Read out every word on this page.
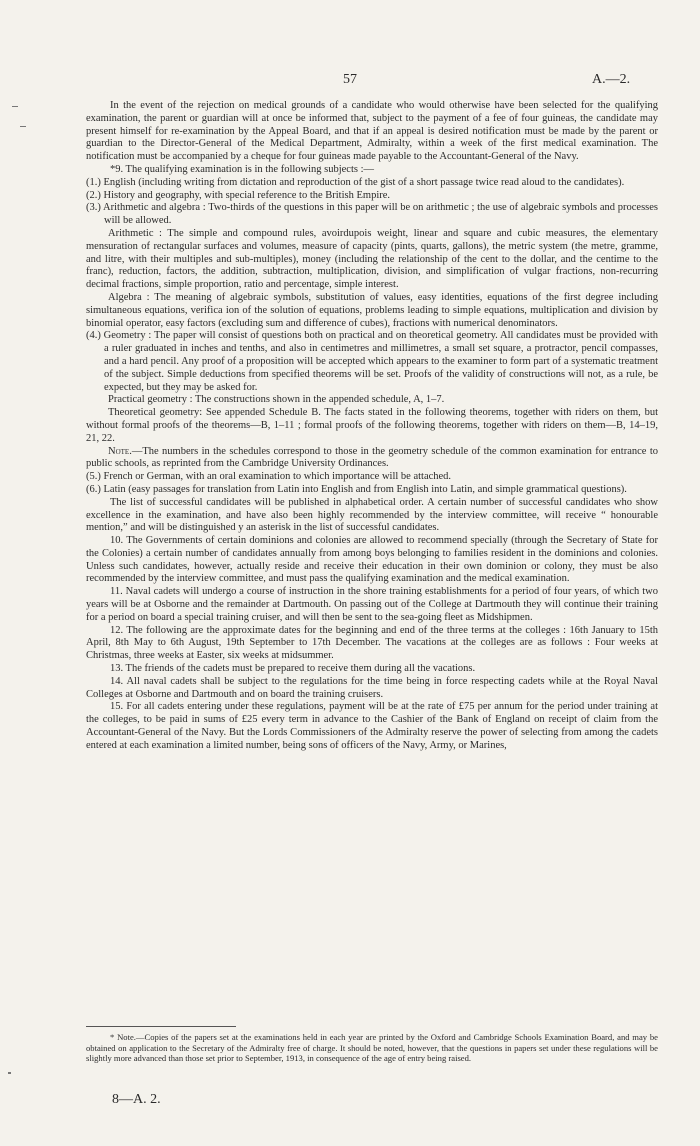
57	A.—2.

In the event of the rejection on medical grounds of a candidate who would otherwise have been selected for the qualifying examination, the parent or guardian will at once be informed that, subject to the payment of a fee of four guineas, the candidate may present himself for re-examination by the Appeal Board, and that if an appeal is desired notification must be made by the parent or guardian to the Director-General of the Medical Department, Admiralty, within a week of the first medical examination. The notification must be accompanied by a cheque for four guineas made payable to the Accountant-General of the Navy.

*9. The qualifying examination is in the following subjects :—

(1.) English (including writing from dictation and reproduction of the gist of a short passage twice read aloud to the candidates).

(2.) History and geography, with special reference to the British Empire.

(3.) Arithmetic and algebra : Two-thirds of the questions in this paper will be on arithmetic ; the use of algebraic symbols and processes will be allowed.

Arithmetic : The simple and compound rules, avoirdupois weight, linear and square and cubic measures, the elementary mensuration of rectangular surfaces and volumes, measure of capacity (pints, quarts, gallons), the metric system (the metre, gramme, and litre, with their multiples and sub-multiples), money (including the relationship of the cent to the dollar, and the centime to the franc), reduction, factors, the addition, subtraction, multiplication, division, and simplification of vulgar fractions, non-recurring decimal fractions, simple proportion, ratio and percentage, simple interest.

Algebra : The meaning of algebraic symbols, substitution of values, easy identities, equations of the first degree including simultaneous equations, verifica ion of the solution of equations, problems leading to simple equations, multiplication and division by binomial operator, easy factors (excluding sum and difference of cub⁠es), fractions with numerical denominators.

(4.) Geometry : The paper will consist of questions both on practical and on theoretical geometry. All candidates must be provided with a ruler graduated in inches and tenths, and also in centimetres and millimetres, a small set square, a protractor, pencil compasses, and a hard pencil. Any proof of a proposition will be accepted which appears to the examiner to form part of a systematic treatment of the subject. Simple deductions from specified theorems will be set. Proofs of the validity of constructions will not, as a rule, be expected, but they may be asked for.

Practical geometry : The constructions shown in the appended schedule, A, 1–7.

Theoretical geometry: See appended Schedule B. The facts stated in the following theorems, together with riders on them, but without formal proofs of the theorems—B, 1–11 ; formal proofs of the following theorems, together with riders on them—B, 14–19, 21, 22.

Note.—The numbers in the schedules correspond to those in the geometry schedule of the common examination for entrance to public schools, as reprinted from the Cambridge University Ordinances.

(5.) French or German, with an oral examination to which importance will be attached.

(6.) Latin (easy passages for translation from Latin into English and from English into Latin, and simple grammatical questions).

The list of successful candidates will be published in alphabetical order. A certain number of successful candidates who show excellence in the examination, and have also been highly recommended by the interview committee, will receive “ honourable mention,” and will be distinguished y an asterisk in the list of successful candidates.

10. The Governments of certain dominions and colonies are allowed to recommend specially (through the Secretary of State for the Colonies) a certain number of candidates annually from among boys belonging to families resident in the dominions and colonies. Unless such candidates, however, actually reside and receive their education in their own dominion or colony, they must be also recommended by the interview committee, and must pass the qualifying examination and the medical examination.

11. Naval cadets will undergo a course of instruction in the shore training establishments for a period of four years, of which two years will be at Osborne and the remainder at Dartmouth. On passing out of the College at Dartmouth they will continue their training for a period on board a special training cruiser, and will then be sent to the sea-going fleet as Midshipmen.

12. The following are the approximate dates for the beginning and end of the three terms at the colleges : 16th January to 15th April, 8th May to 6th August, 19th September to 17th December. The vacations at the colleges are as follows : Four weeks at Christmas, three weeks at Easter, six weeks at midsummer.

13. The friends of the cadets must be prepared to receive them during all the vacations.

14. All naval cadets shall be subject to the regulations for the time being in force respecting cadets while at the Royal Naval Colleges at Osborne and Dartmouth and on board the training cruisers.

15. For all cadets entering under these regulations, payment will be at the rate of £75 per annum for the period under training at the colleges, to be paid in sums of £25 every term in advance to the Cashier of the Bank of England on receipt of claim from the Accountant-General of the Navy. But the Lords Commissioners of the Admiralty reserve the power of selecting from among the cadets entered at each examination a limited number, being sons of officers of the Navy, Army, or Marines,

* Note.—Copies of the papers set at the examinations held in each year are printed by the Oxford and Cambridge Schools Examination Board, and may be obtained on application to the Secretary of the Admiralty free of charge. It should be noted, however, that the questions in papers set under these regulations will be slightly more advanced than those set prior to September, 1913, in consequence of the age of entry being raised.

8—A. 2.
